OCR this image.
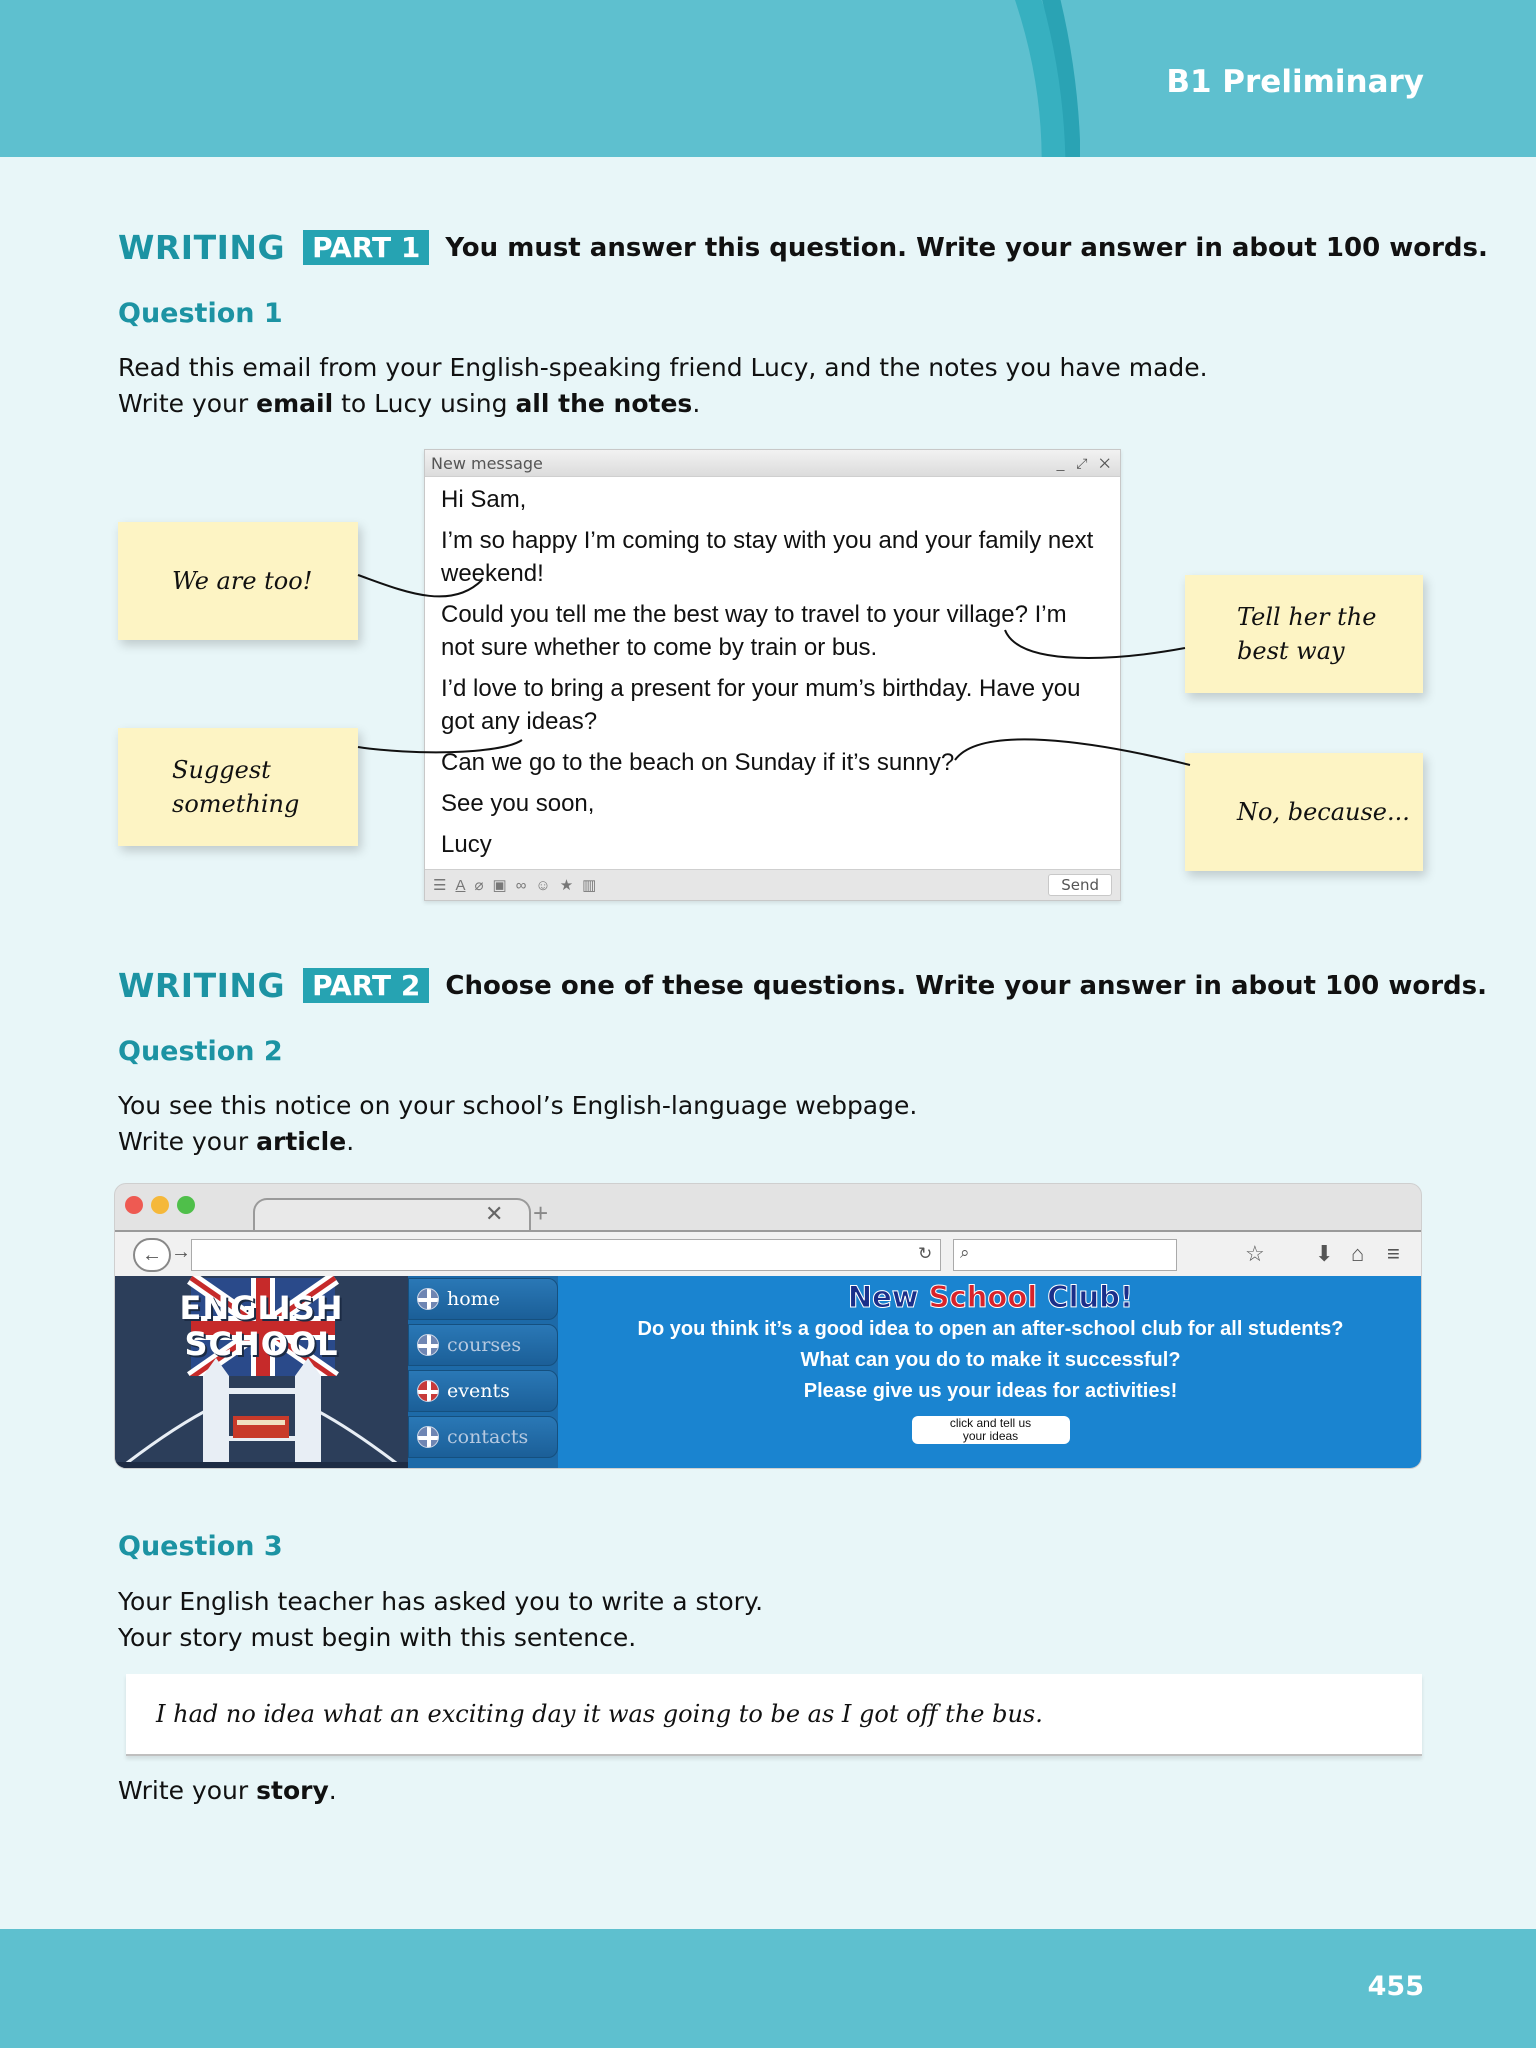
B1 Preliminary
WRITING PART 1 You must answer this question. Write your answer in about 100 words.
Question 1
Read this email from your English-speaking friend Lucy, and the notes you have made.
Write your email to Lucy using all the notes.
New message	_ ⤢ ✕

Hi Sam,

I’m so happy I’m coming to stay with you and your family next weekend!

Could you tell me the best way to travel to your village? I’m not sure whether to come by train or bus.

I’d love to bring a present for your mum’s birthday. Have you got any ideas?

Can we go to the beach on Sunday if it’s sunny?

See you soon,

Lucy

☰ A ⌀ ▣ ∞ ☺ ★ ▥	Send
We are too!
Tell her the best way
Suggest something	No, because...
WRITING PART 2 Choose one of these questions. Write your answer in about 100 words.
Question 2
You see this notice on your school’s English-language webpage.
Write your article.
✕ +
← →	↻ ⌕	☆ ⬇ ⌂ ≡
ENGLISH
SCHOOL
home
courses
events
contacts
New School Club!
Do you think it’s a good idea to open an after-school club for all students?
What can you do to make it successful?
Please give us your ideas for activities!
click and tell us
your ideas
Question 3
Your English teacher has asked you to write a story.
Your story must begin with this sentence.
I had no idea what an exciting day it was going to be as I got off the bus.
Write your story.
455
